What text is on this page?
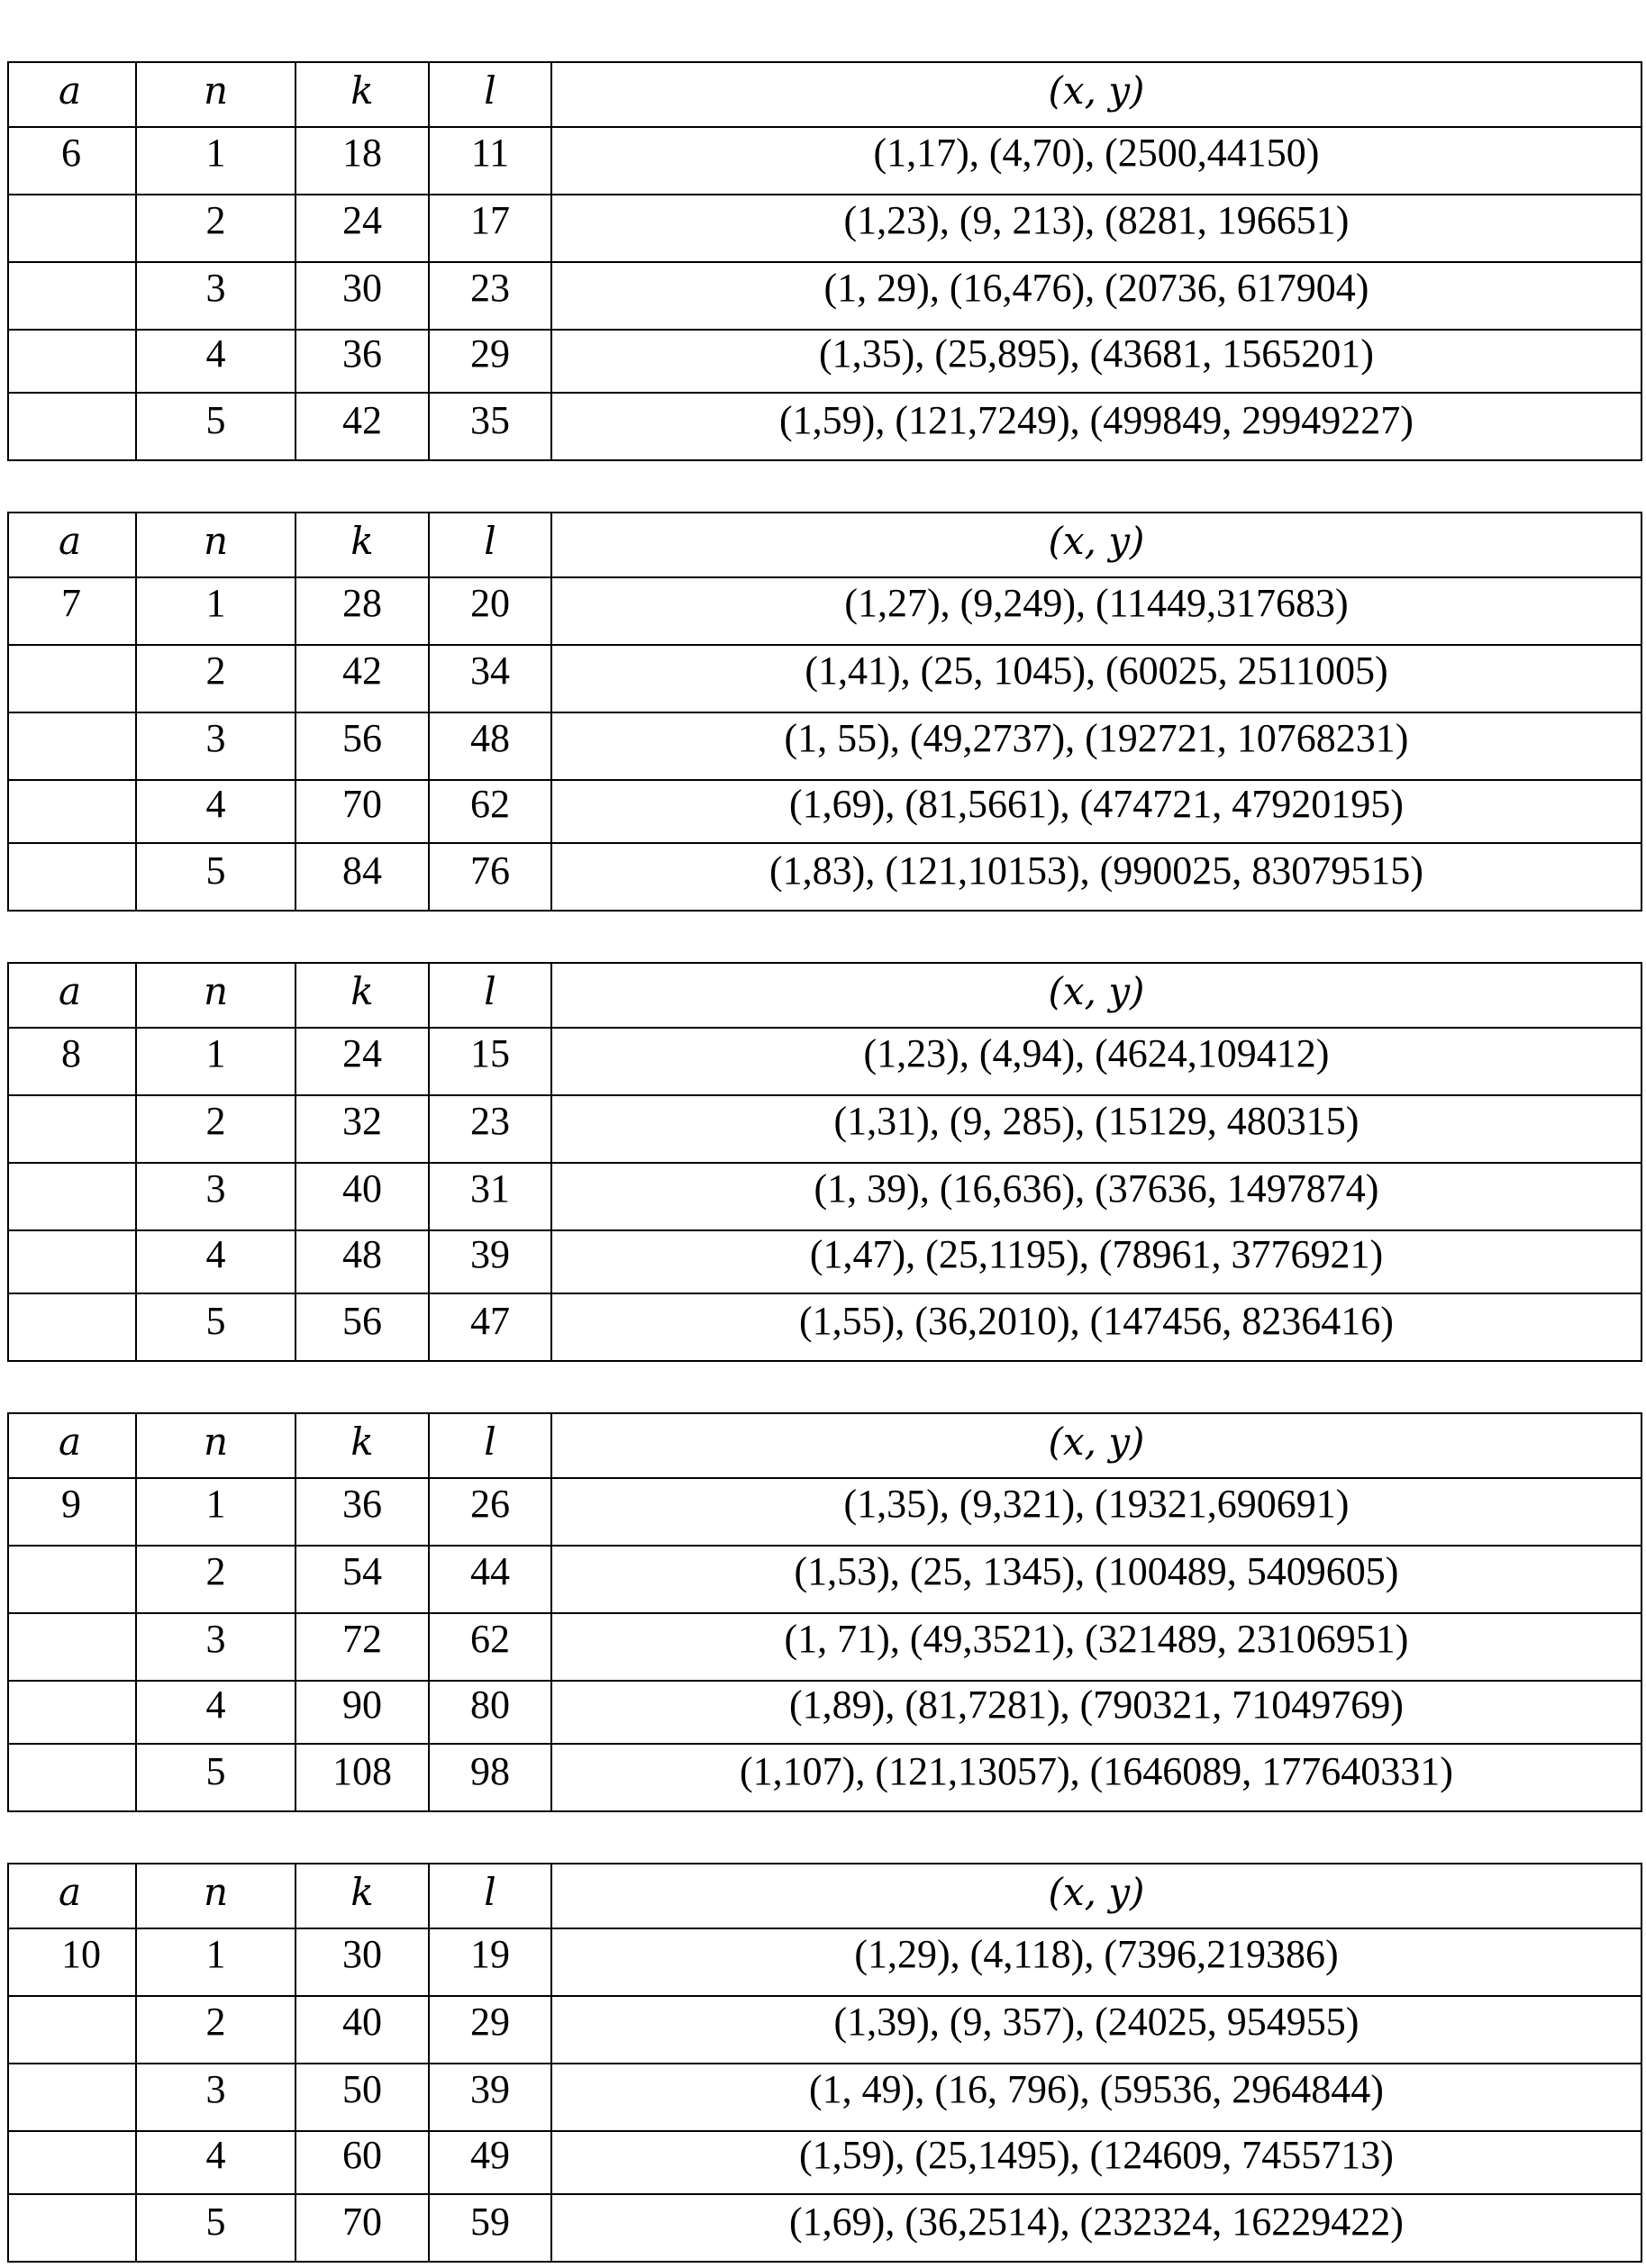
a	n	k	l	(x, y)
6	1	18	11	(1,17), (4,70), (2500,44150)
	2	24	17	(1,23), (9, 213), (8281, 196651)
	3	30	23	(1, 29), (16,476), (20736, 617904)
	4	36	29	(1,35), (25,895), (43681, 1565201)
	5	42	35	(1,59), (121,7249), (499849, 29949227)
a	n	k	l	(x, y)
7	1	28	20	(1,27), (9,249), (11449,317683)
	2	42	34	(1,41), (25, 1045), (60025, 2511005)
	3	56	48	(1, 55), (49,2737), (192721, 10768231)
	4	70	62	(1,69), (81,5661), (474721, 47920195)
	5	84	76	(1,83), (121,10153), (990025, 83079515)
a	n	k	l	(x, y)
8	1	24	15	(1,23), (4,94), (4624,109412)
	2	32	23	(1,31), (9, 285), (15129, 480315)
	3	40	31	(1, 39), (16,636), (37636, 1497874)
	4	48	39	(1,47), (25,1195), (78961, 3776921)
	5	56	47	(1,55), (36,2010), (147456, 8236416)
a	n	k	l	(x, y)
9	1	36	26	(1,35), (9,321), (19321,690691)
	2	54	44	(1,53), (25, 1345), (100489, 5409605)
	3	72	62	(1, 71), (49,3521), (321489, 23106951)
	4	90	80	(1,89), (81,7281), (790321, 71049769)
	5	108	98	(1,107), (121,13057), (1646089, 177640331)
a	n	k	l	(x, y)
10	1	30	19	(1,29), (4,118), (7396,219386)
	2	40	29	(1,39), (9, 357), (24025, 954955)
	3	50	39	(1, 49), (16, 796), (59536, 2964844)
	4	60	49	(1,59), (25,1495), (124609, 7455713)
	5	70	59	(1,69), (36,2514), (232324, 16229422)
